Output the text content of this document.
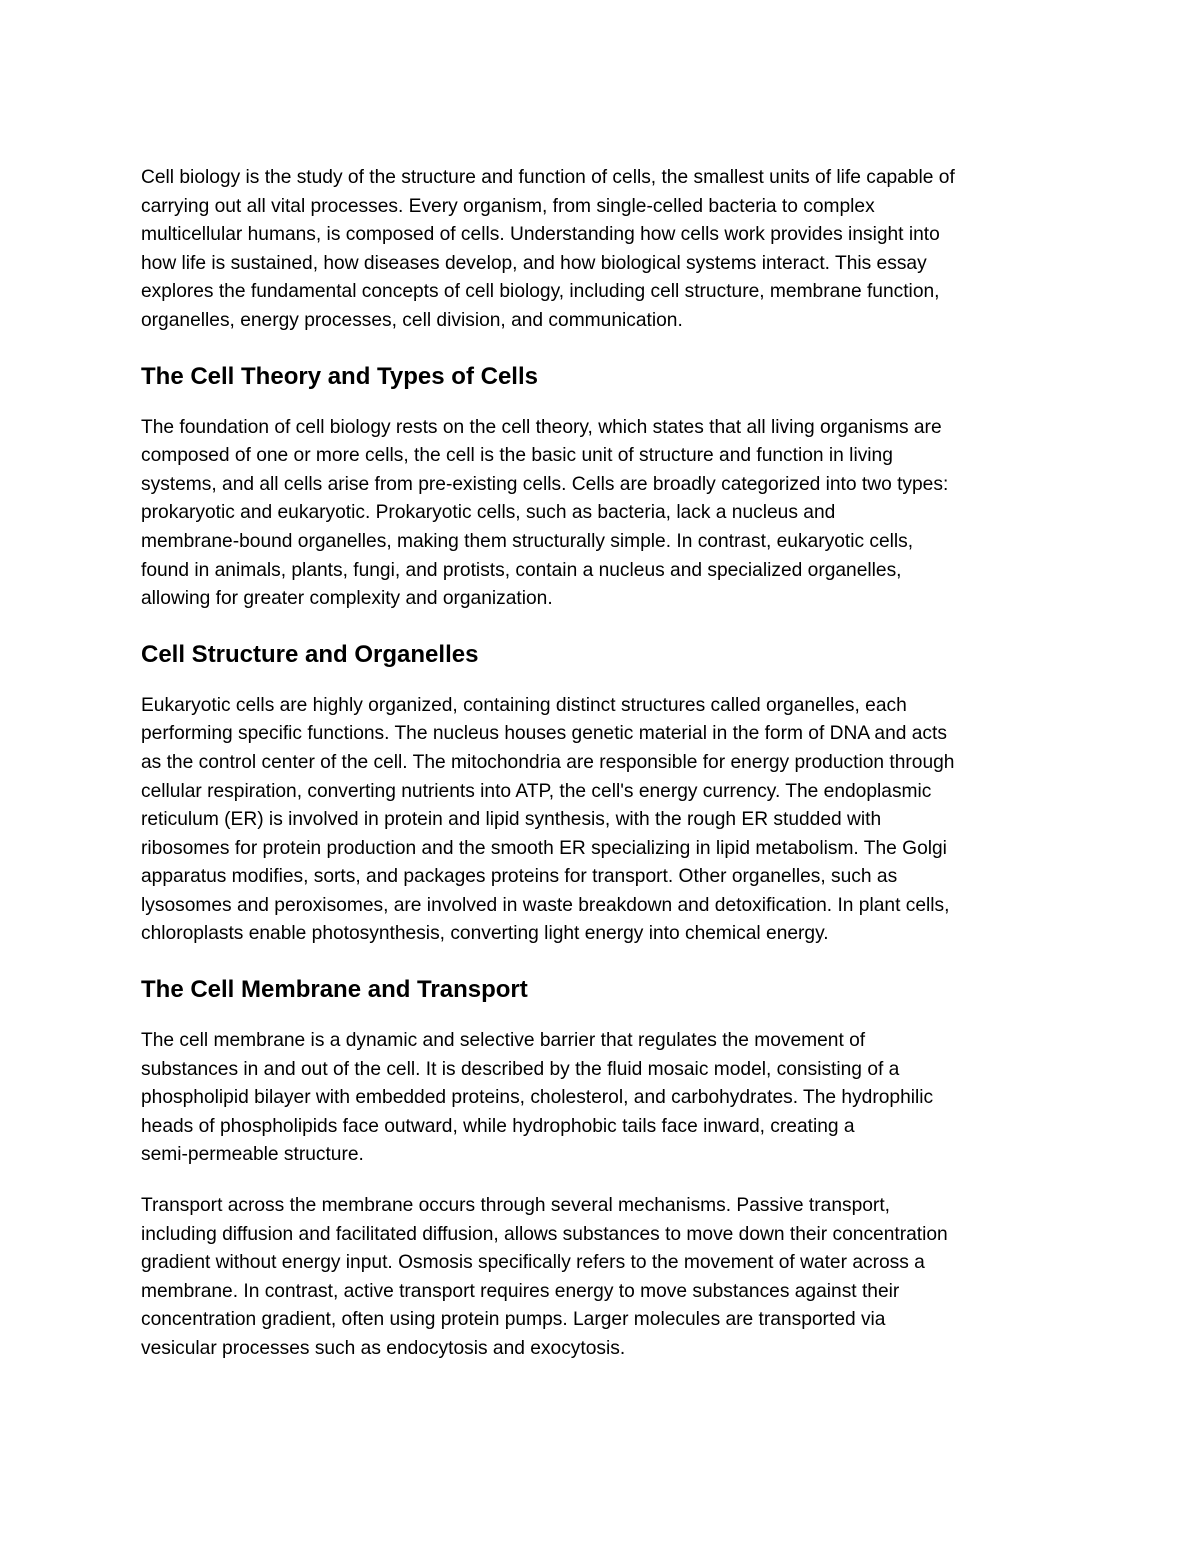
Cell biology is the study of the structure and function of cells, the smallest units of life capable of
carrying out all vital processes. Every organism, from single-celled bacteria to complex
multicellular humans, is composed of cells. Understanding how cells work provides insight into
how life is sustained, how diseases develop, and how biological systems interact. This essay
explores the fundamental concepts of cell biology, including cell structure, membrane function,
organelles, energy processes, cell division, and communication.

The Cell Theory and Types of Cells

The foundation of cell biology rests on the cell theory, which states that all living organisms are
composed of one or more cells, the cell is the basic unit of structure and function in living
systems, and all cells arise from pre-existing cells. Cells are broadly categorized into two types:
prokaryotic and eukaryotic. Prokaryotic cells, such as bacteria, lack a nucleus and
membrane-bound organelles, making them structurally simple. In contrast, eukaryotic cells,
found in animals, plants, fungi, and protists, contain a nucleus and specialized organelles,
allowing for greater complexity and organization.

Cell Structure and Organelles

Eukaryotic cells are highly organized, containing distinct structures called organelles, each
performing specific functions. The nucleus houses genetic material in the form of DNA and acts
as the control center of the cell. The mitochondria are responsible for energy production through
cellular respiration, converting nutrients into ATP, the cell's energy currency. The endoplasmic
reticulum (ER) is involved in protein and lipid synthesis, with the rough ER studded with
ribosomes for protein production and the smooth ER specializing in lipid metabolism. The Golgi
apparatus modifies, sorts, and packages proteins for transport. Other organelles, such as
lysosomes and peroxisomes, are involved in waste breakdown and detoxification. In plant cells,
chloroplasts enable photosynthesis, converting light energy into chemical energy.

The Cell Membrane and Transport

The cell membrane is a dynamic and selective barrier that regulates the movement of
substances in and out of the cell. It is described by the fluid mosaic model, consisting of a
phospholipid bilayer with embedded proteins, cholesterol, and carbohydrates. The hydrophilic
heads of phospholipids face outward, while hydrophobic tails face inward, creating a
semi-permeable structure.

Transport across the membrane occurs through several mechanisms. Passive transport,
including diffusion and facilitated diffusion, allows substances to move down their concentration
gradient without energy input. Osmosis specifically refers to the movement of water across a
membrane. In contrast, active transport requires energy to move substances against their
concentration gradient, often using protein pumps. Larger molecules are transported via
vesicular processes such as endocytosis and exocytosis.
